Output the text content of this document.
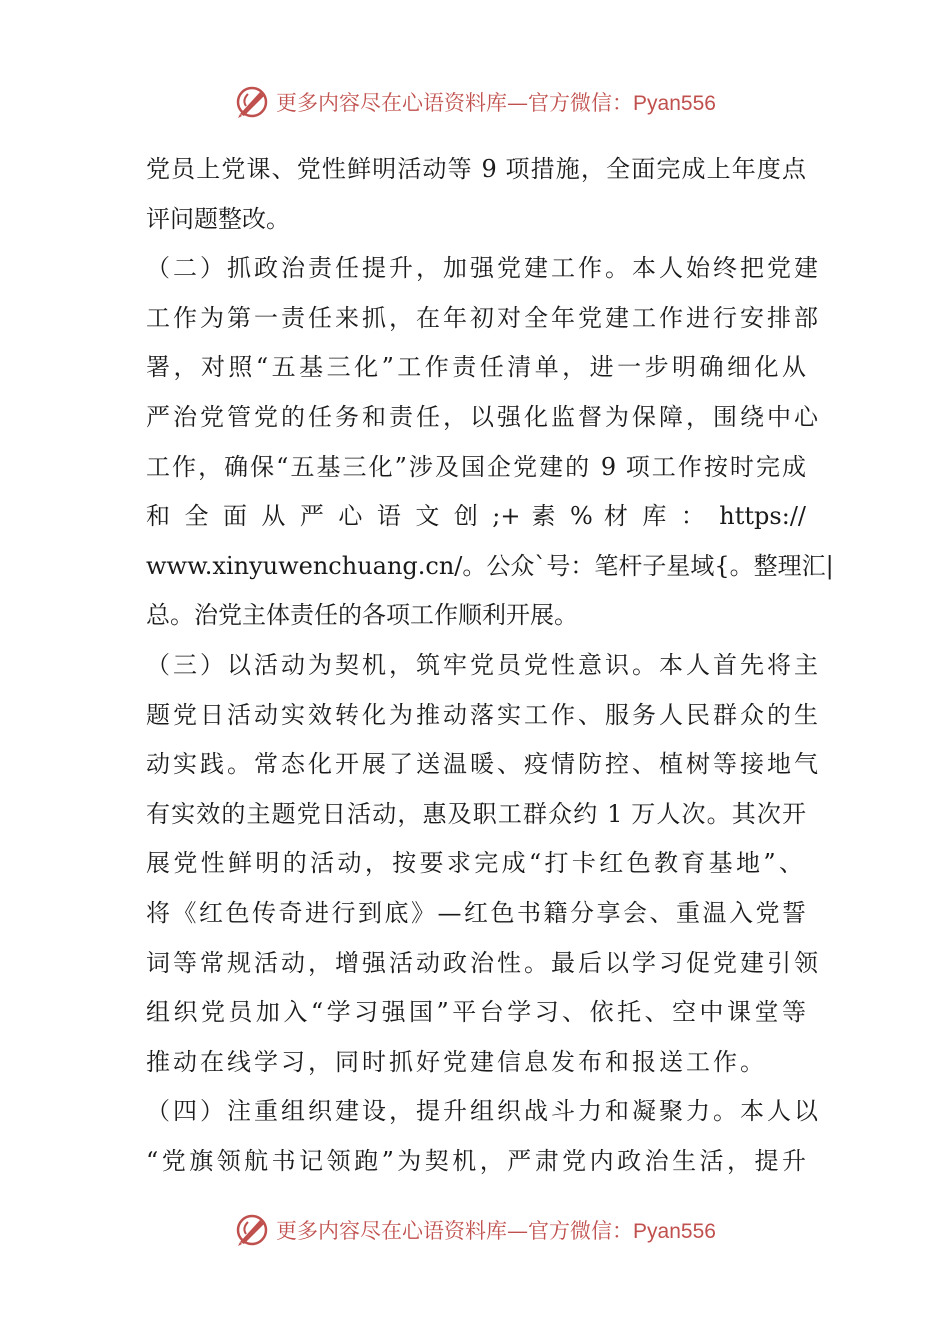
更多内容尽在心语资料库—官方微信：Pyan556
党员上党课、党性鲜明活动等 9 项措施，全面完成上年度点
评问题整改。
（二）抓政治责任提升，加强党建工作。本人始终把党建
工作为第一责任来抓，在年初对全年党建工作进行安排部
署，对照“五基三化”工作责任清单，进一步明确细化从
严治党管党的任务和责任，以强化监督为保障，围绕中心
工作，确保“五基三化”涉及国企党建的 9 项工作按时完成
和 全 面 从 严 心 语 文 创 ;+ 素 % 材 库 ： https://
www.xinyuwenchuang.cn/。公众`号：笔杆子星域{。整理汇|
总。治党主体责任的各项工作顺利开展。
（三）以活动为契机，筑牢党员党性意识。本人首先将主
题党日活动实效转化为推动落实工作、服务人民群众的生
动实践。常态化开展了送温暖、疫情防控、植树等接地气
有实效的主题党日活动，惠及职工群众约 1 万人次。其次开
展党性鲜明的活动，按要求完成“打卡红色教育基地”、
将《红色传奇进行到底》—红色书籍分享会、重温入党誓
词等常规活动，增强活动政治性。最后以学习促党建引领
组织党员加入“学习强国”平台学习、依托、空中课堂等
推动在线学习，同时抓好党建信息发布和报送工作。
（四）注重组织建设，提升组织战斗力和凝聚力。本人以
“党旗领航书记领跑”为契机，严肃党内政治生活，提升
更多内容尽在心语资料库—官方微信：Pyan556
